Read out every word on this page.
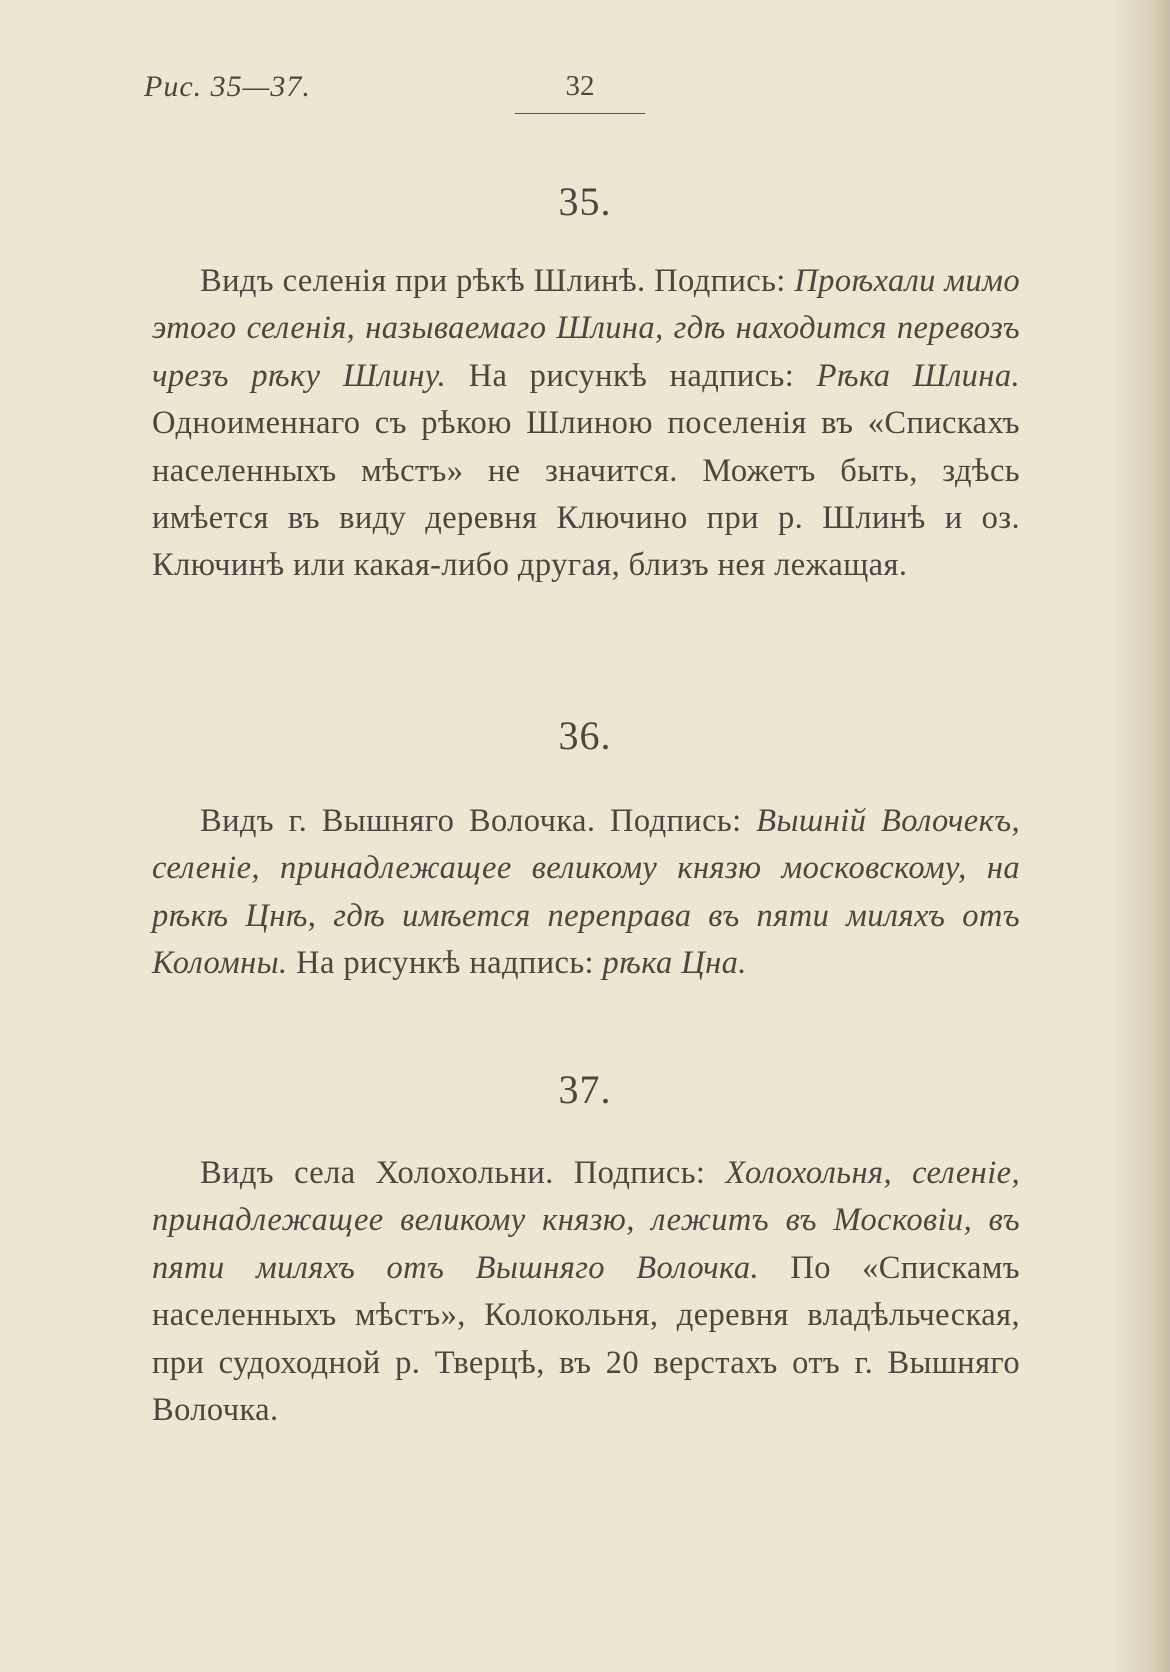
Рис. 35—37.	32
35.
Видъ селенія при рѣкѣ Шлинѣ. Подпись: Проѣхали мимо этого селенія, называемаго Шлина, гдѣ находится перевозъ чрезъ рѣку Шлину. На рисункѣ надпись: Рѣка Шлина. Одноименнаго съ рѣкою Шлиною поселенія въ «Спискахъ населенныхъ мѣстъ» не значится. Можетъ быть, здѣсь имѣется въ виду деревня Ключино при р. Шлинѣ и оз. Ключинѣ или какая-либо другая, близъ нея лежащая.
36.
Видъ г. Вышняго Волочка. Подпись: Вышній Волочекъ, селеніе, принадлежащее великому князю московскому, на рѣкѣ Цнѣ, гдѣ имѣется переправа въ пяти миляхъ отъ Коломны. На рисункѣ надпись: рѣка Цна.
37.
Видъ села Холохольни. Подпись: Холохольня, селеніе, принадлежащее великому князю, лежитъ въ Московіи, въ пяти миляхъ отъ Вышняго Волочка. По «Спискамъ населенныхъ мѣстъ», Колокольня, деревня владѣльческая, при судоходной р. Тверцѣ, въ 20 верстахъ отъ г. Вышняго Волочка.
